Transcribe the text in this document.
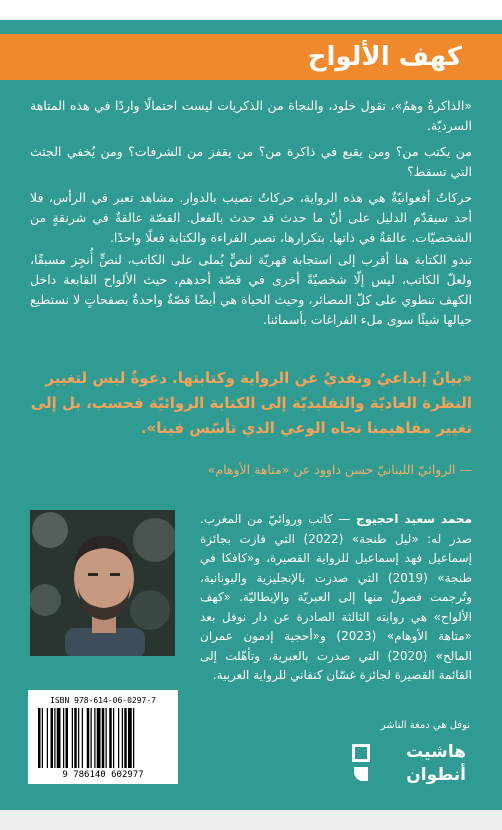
كهف الألواح
«الذاكرةُ وهمٌ»، تقول خلود، والنجاة من الذكريات ليست احتمالًا واردًا في هذه المتاهة السرديّة.
من يكتب من؟ ومن يقبع في ذاكرة من؟ من يقفز من الشرفات؟ ومن يُخفي الجثث التي تسقط؟
حركاتٌ أفعوانيّةٌ هي هذه الرواية، حركاتٌ تصيب بالدوار. مشاهد تعبر في الرأس، فلا أحد سيقدّم الدليل على أنّ ما حدث قد حدث بالفعل. القصّة عالقةٌ في شرنقةٍ من الشخصيّات. عالقةٌ في ذاتها. بتكرارها، تصير القراءة والكتابة فعلًا واحدًا.
تبدو الكتابة هنا أقرب إلى استجابة قهريّة لنصٍّ يُملى على الكاتب، لنصٍّ أُنجِز مسبقًا، ولعلّ الكاتب، ليس إلّا شخصيّةً أخرى في قصّة أحدهم، حيث الألواح القابعة داخل الكهف تنطوي على كلّ المصائر، وحيث الحياة هي أيضًا قصّةٌ واحدةٌ بصفحاتٍ لا نستطيع حيالها شيئًا سوى ملء الفراغات بأسمائنا.
«بيانٌ إبداعيٌ ونقديٌ عن الرواية وكتابتها. دعوةٌ ليس لتغيير النظرة العاديّة والتقليديّة إلى الكتابة الروائيّة فحسب، بل إلى تغيير مفاهيمنا تجاه الوعي الذي تأسّس فينا».
— الروائيّ اللبنانيّ حسن داوود عن «متاهة الأوهام»
محمد سعيد احجيوج — كاتب وروائيّ من المغرب. صدر له: «ليل طنجة» (2022) التي فازت بجائزة إسماعيل فهد إسماعيل للرواية القصيرة، و«كافكا في طنجة» (2019) التي صدرت بالإنجليزية واليونانية، وتُرجمت فصولٌ منها إلى العبريّة والإيطاليّة. «كهف الألواح» هي روايته الثالثة الصادرة عن دار نوفل بعد «متاهة الأوهام» (2023) و«أحجية إدمون عمران المالح» (2020) التي صدرت بالعبرية، وتأهّلت إلى القائمة القصيرة لجائزة غسّان كنفاني للرواية العربية.
ISBN 978-614-06-0297-7
9 786140 602977
نوفل هي دمغة الناشر
هاشيت
أنطوان
